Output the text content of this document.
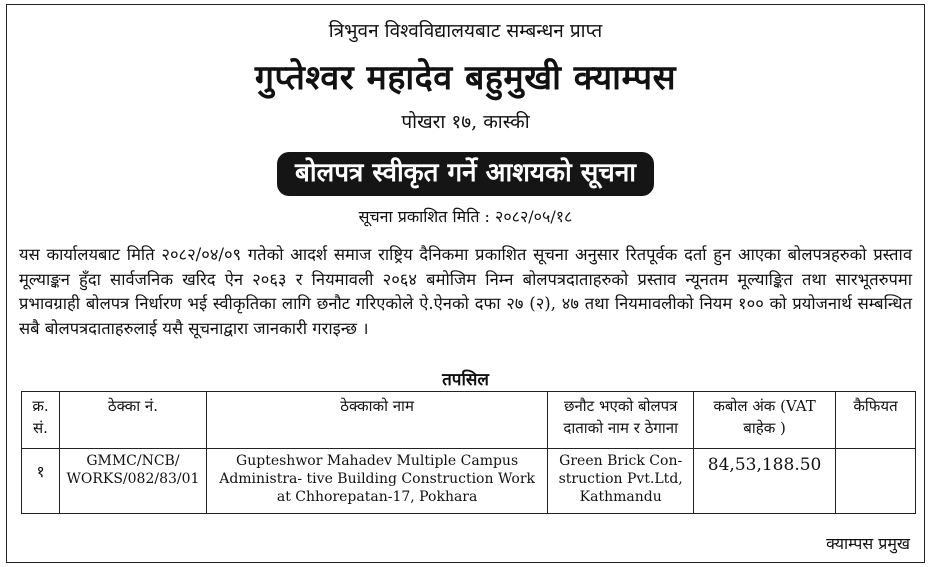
त्रिभुवन विश्वविद्यालयबाट सम्बन्धन प्राप्त
गुप्तेश्वर महादेव बहुमुखी क्याम्पस
पोखरा १७, कास्की
बोलपत्र स्वीकृत गर्ने आशयको सूचना
सूचना प्रकाशित मिति : २०८२/०५/१८
यस कार्यालयबाट मिति २०८२/०४/०९ गतेको आदर्श समाज राष्ट्रिय दैनिकमा प्रकाशित सूचना अनुसार रितपूर्वक दर्ता हुन आएका बोलपत्रहरुको प्रस्ताव मूल्याङ्कन हुँदा सार्वजनिक खरिद ऐन २०६३ र नियमावली २०६४ बमोजिम निम्न बोलपत्रदाताहरुको प्रस्ताव न्यूनतम मूल्याङ्कित तथा सारभूतरुपमा प्रभावग्राही बोलपत्र निर्धारण भई स्वीकृतिका लागि छनौट गरिएकोले ऐ.ऐनको दफा २७ (२), ४७ तथा नियमावलीको नियम १०० को प्रयोजनार्थ सम्बन्धित सबै बोलपत्रदाताहरुलाई यसै सूचनाद्वारा जानकारी गराइन्छ ।
तपसिल
क्र. सं.	ठेक्का नं.	ठेक्काको नाम	छनौट भएको बोलपत्र दाताको नाम र ठेगाना	कबोल अंक (VAT बाहेक )	कैफियत
१	GMMC/NCB/ WORKS/082/83/01	Gupteshwor Mahadev Multiple Campus Administra- tive Building Construction Work at Chhorepatan-17, Pokhara	Green Brick Con- struction Pvt.Ltd, Kathmandu	84,53,188.50	
क्याम्पस प्रमुख
